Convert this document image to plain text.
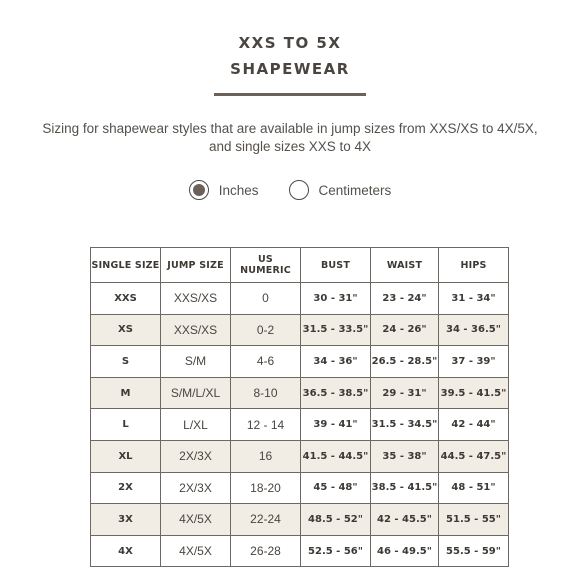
XXS TO 5X
SHAPEWEAR
Sizing for shapewear styles that are available in jump sizes from XXS/XS to 4X/5X, and single sizes XXS to 4X
Inches	Centimeters
SINGLE SIZE	JUMP SIZE	US NUMERIC	BUST	WAIST	HIPS
XXS	XXS/XS	0	30 - 31"	23 - 24"	31 - 34"
XS	XXS/XS	0-2	31.5 - 33.5"	24 - 26"	34 - 36.5"
S	S/M	4-6	34 - 36"	26.5 - 28.5"	37 - 39"
M	S/M/L/XL	8-10	36.5 - 38.5"	29 - 31"	39.5 - 41.5"
L	L/XL	12 - 14	39 - 41"	31.5 - 34.5"	42 - 44"
XL	2X/3X	16	41.5 - 44.5"	35 - 38"	44.5 - 47.5"
2X	2X/3X	18-20	45 - 48"	38.5 - 41.5"	48 - 51"
3X	4X/5X	22-24	48.5 - 52"	42 - 45.5"	51.5 - 55"
4X	4X/5X	26-28	52.5 - 56"	46 - 49.5"	55.5 - 59"
